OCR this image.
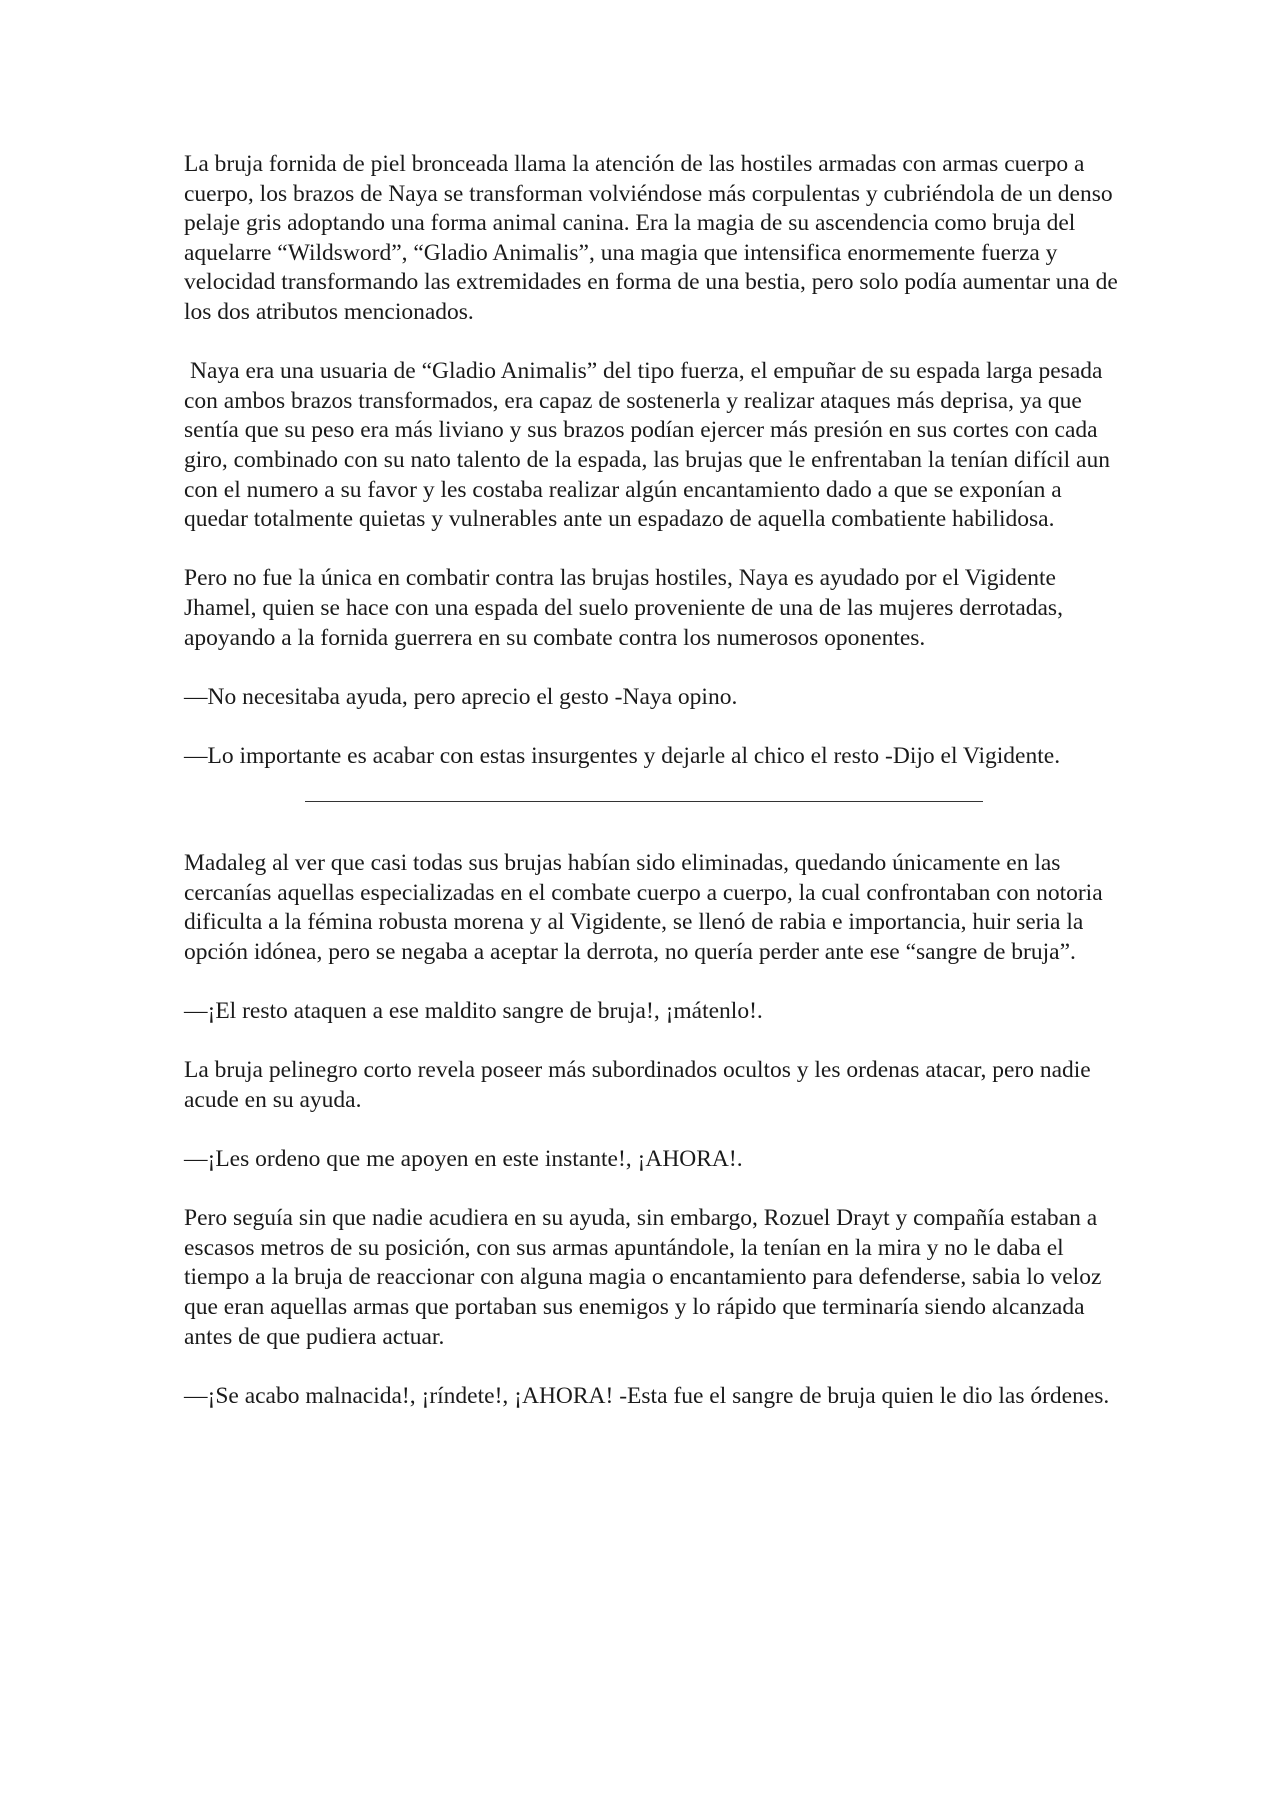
La bruja fornida de piel bronceada llama la atención de las hostiles armadas con armas cuerpo a cuerpo, los brazos de Naya se transforman volviéndose más corpulentas y cubriéndola de un denso pelaje gris adoptando una forma animal canina. Era la magia de su ascendencia como bruja del aquelarre “Wildsword”, “Gladio Animalis”, una magia que intensifica enormemente fuerza y velocidad transformando las extremidades en forma de una bestia, pero solo podía aumentar una de los dos atributos mencionados.

Naya era una usuaria de “Gladio Animalis” del tipo fuerza, el empuñar de su espada larga pesada con ambos brazos transformados, era capaz de sostenerla y realizar ataques más deprisa, ya que sentía que su peso era más liviano y sus brazos podían ejercer más presión en sus cortes con cada giro, combinado con su nato talento de la espada, las brujas que le enfrentaban la tenían difícil aun con el numero a su favor y les costaba realizar algún encantamiento dado a que se exponían a quedar totalmente quietas y vulnerables ante un espadazo de aquella combatiente habilidosa.

Pero no fue la única en combatir contra las brujas hostiles, Naya es ayudado por el Vigidente Jhamel, quien se hace con una espada del suelo proveniente de una de las mujeres derrotadas, apoyando a la fornida guerrera en su combate contra los numerosos oponentes.

—No necesitaba ayuda, pero aprecio el gesto -Naya opino.

—Lo importante es acabar con estas insurgentes y dejarle al chico el resto -Dijo el Vigidente.

Madaleg al ver que casi todas sus brujas habían sido eliminadas, quedando únicamente en las cercanías aquellas especializadas en el combate cuerpo a cuerpo, la cual confrontaban con notoria dificulta a la fémina robusta morena y al Vigidente, se llenó de rabia e importancia, huir seria la opción idónea, pero se negaba a aceptar la derrota, no quería perder ante ese “sangre de bruja”.

—¡El resto ataquen a ese maldito sangre de bruja!, ¡mátenlo!.

La bruja pelinegro corto revela poseer más subordinados ocultos y les ordenas atacar, pero nadie acude en su ayuda.

—¡Les ordeno que me apoyen en este instante!, ¡AHORA!.

Pero seguía sin que nadie acudiera en su ayuda, sin embargo, Rozuel Drayt y compañía estaban a escasos metros de su posición, con sus armas apuntándole, la tenían en la mira y no le daba el tiempo a la bruja de reaccionar con alguna magia o encantamiento para defenderse, sabia lo veloz que eran aquellas armas que portaban sus enemigos y lo rápido que terminaría siendo alcanzada antes de que pudiera actuar.

—¡Se acabo malnacida!, ¡ríndete!, ¡AHORA! -Esta fue el sangre de bruja quien le dio las órdenes.
